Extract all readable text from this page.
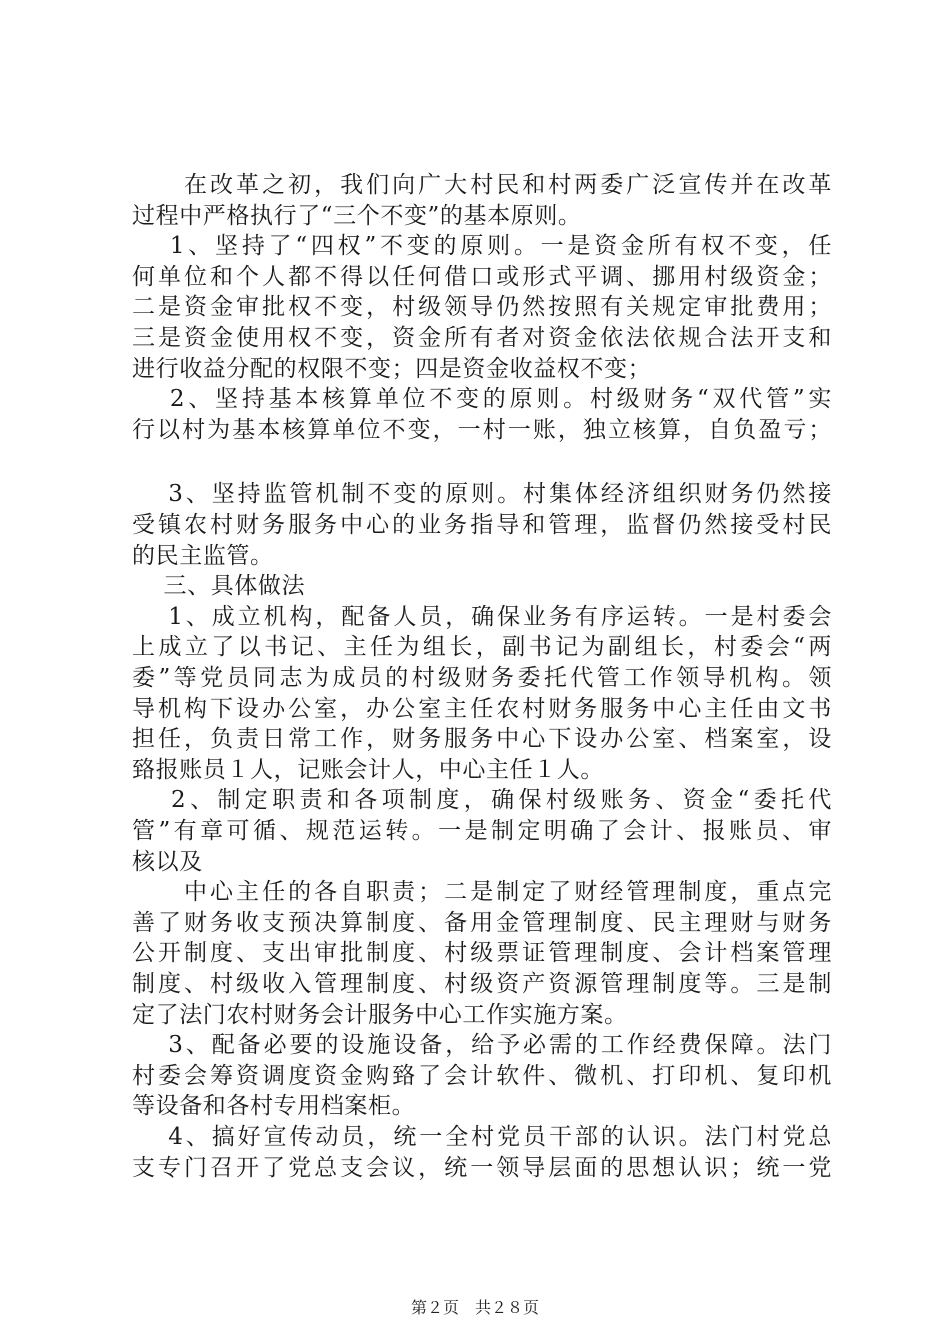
　　在改革之初，我们向广大村民和村两委广泛宣传并在改革
过程中严格执行了“三个不变”的基本原则。
　 1、坚持了“四权”不变的原则。一是资金所有权不变，任
何单位和个人都不得以任何借口或形式平调、挪用村级资金；
二是资金审批权不变，村级领导仍然按照有关规定审批费用；
三是资金使用权不变，资金所有者对资金依法依规合法开支和
进行收益分配的权限不变；四是资金收益权不变；
　 2、坚持基本核算单位不变的原则。村级财务“双代管”实
行以村为基本核算单位不变，一村一账，独立核算，自负盈亏；
　 3、坚持监管机制不变的原则。村集体经济组织财务仍然接
受镇农村财务服务中心的业务指导和管理，监督仍然接受村民
的民主监管。
　 三、具体做法
　 1、成立机构，配备人员，确保业务有序运转。一是村委会
上成立了以书记、主任为组长，副书记为副组长，村委会“两
委”等党员同志为成员的村级财务委托代管工作领导机构。领
导机构下设办公室，办公室主任农村财务服务中心主任由文书
担任，负责日常工作，财务服务中心下设办公室、档案室，设
臵报账员１人，记账会计人，中心主任１人。
　 2、制定职责和各项制度，确保村级账务、资金“委托代
管”有章可循、规范运转。一是制定明确了会计、报账员、审
核以及
　　中心主任的各自职责；二是制定了财经管理制度，重点完
善了财务收支预决算制度、备用金管理制度、民主理财与财务
公开制度、支出审批制度、村级票证管理制度、会计档案管理
制度、村级收入管理制度、村级资产资源管理制度等。三是制
定了法门农村财务会计服务中心工作实施方案。
　 3、配备必要的设施设备，给予必需的工作经费保障。法门
村委会筹资调度资金购臵了会计软件、微机、打印机、复印机
等设备和各村专用档案柜。
　 4、搞好宣传动员，统一全村党员干部的认识。法门村党总
支专门召开了党总支会议，统一领导层面的思想认识；统一党
第２页　共２８页
